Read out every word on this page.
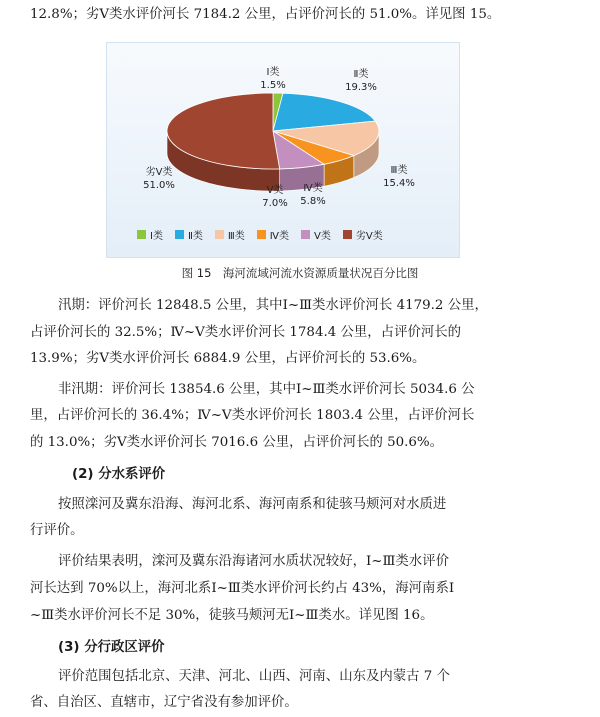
12.8%；劣Ⅴ类水评价河长 7184.2 公里，占评价河长的 51.0%。详见图 15。
Ⅰ类
1.5%
Ⅱ类
19.3%
Ⅲ类
15.4%
Ⅳ类
5.8%
Ⅴ类
7.0%
劣Ⅴ类
51.0%
Ⅰ类	Ⅱ类	Ⅲ类	Ⅳ类	Ⅴ类	劣Ⅴ类
图 15　海河流域河流水资源质量状况百分比图
汛期：评价河长 12848.5 公里，其中Ⅰ~Ⅲ类水评价河长 4179.2 公里，
占评价河长的 32.5%；Ⅳ~Ⅴ类水评价河长 1784.4 公里，占评价河长的
13.9%；劣Ⅴ类水评价河长 6884.9 公里，占评价河长的 53.6%。
非汛期：评价河长 13854.6 公里，其中Ⅰ~Ⅲ类水评价河长 5034.6 公
里，占评价河长的 36.4%；Ⅳ~Ⅴ类水评价河长 1803.4 公里，占评价河长
的 13.0%；劣Ⅴ类水评价河长 7016.6 公里，占评价河长的 50.6%。
(2) 分水系评价
按照滦河及冀东沿海、海河北系、海河南系和徒骇马颊河对水质进
行评价。
评价结果表明，滦河及冀东沿海诸河水质状况较好，Ⅰ~Ⅲ类水评价
河长达到 70%以上，海河北系Ⅰ~Ⅲ类水评价河长约占 43%，海河南系Ⅰ
~Ⅲ类水评价河长不足 30%，徒骇马颊河无Ⅰ~Ⅲ类水。详见图 16。
(3) 分行政区评价
评价范围包括北京、天津、河北、山西、河南、山东及内蒙古 7 个
省、自治区、直辖市，辽宁省没有参加评价。
